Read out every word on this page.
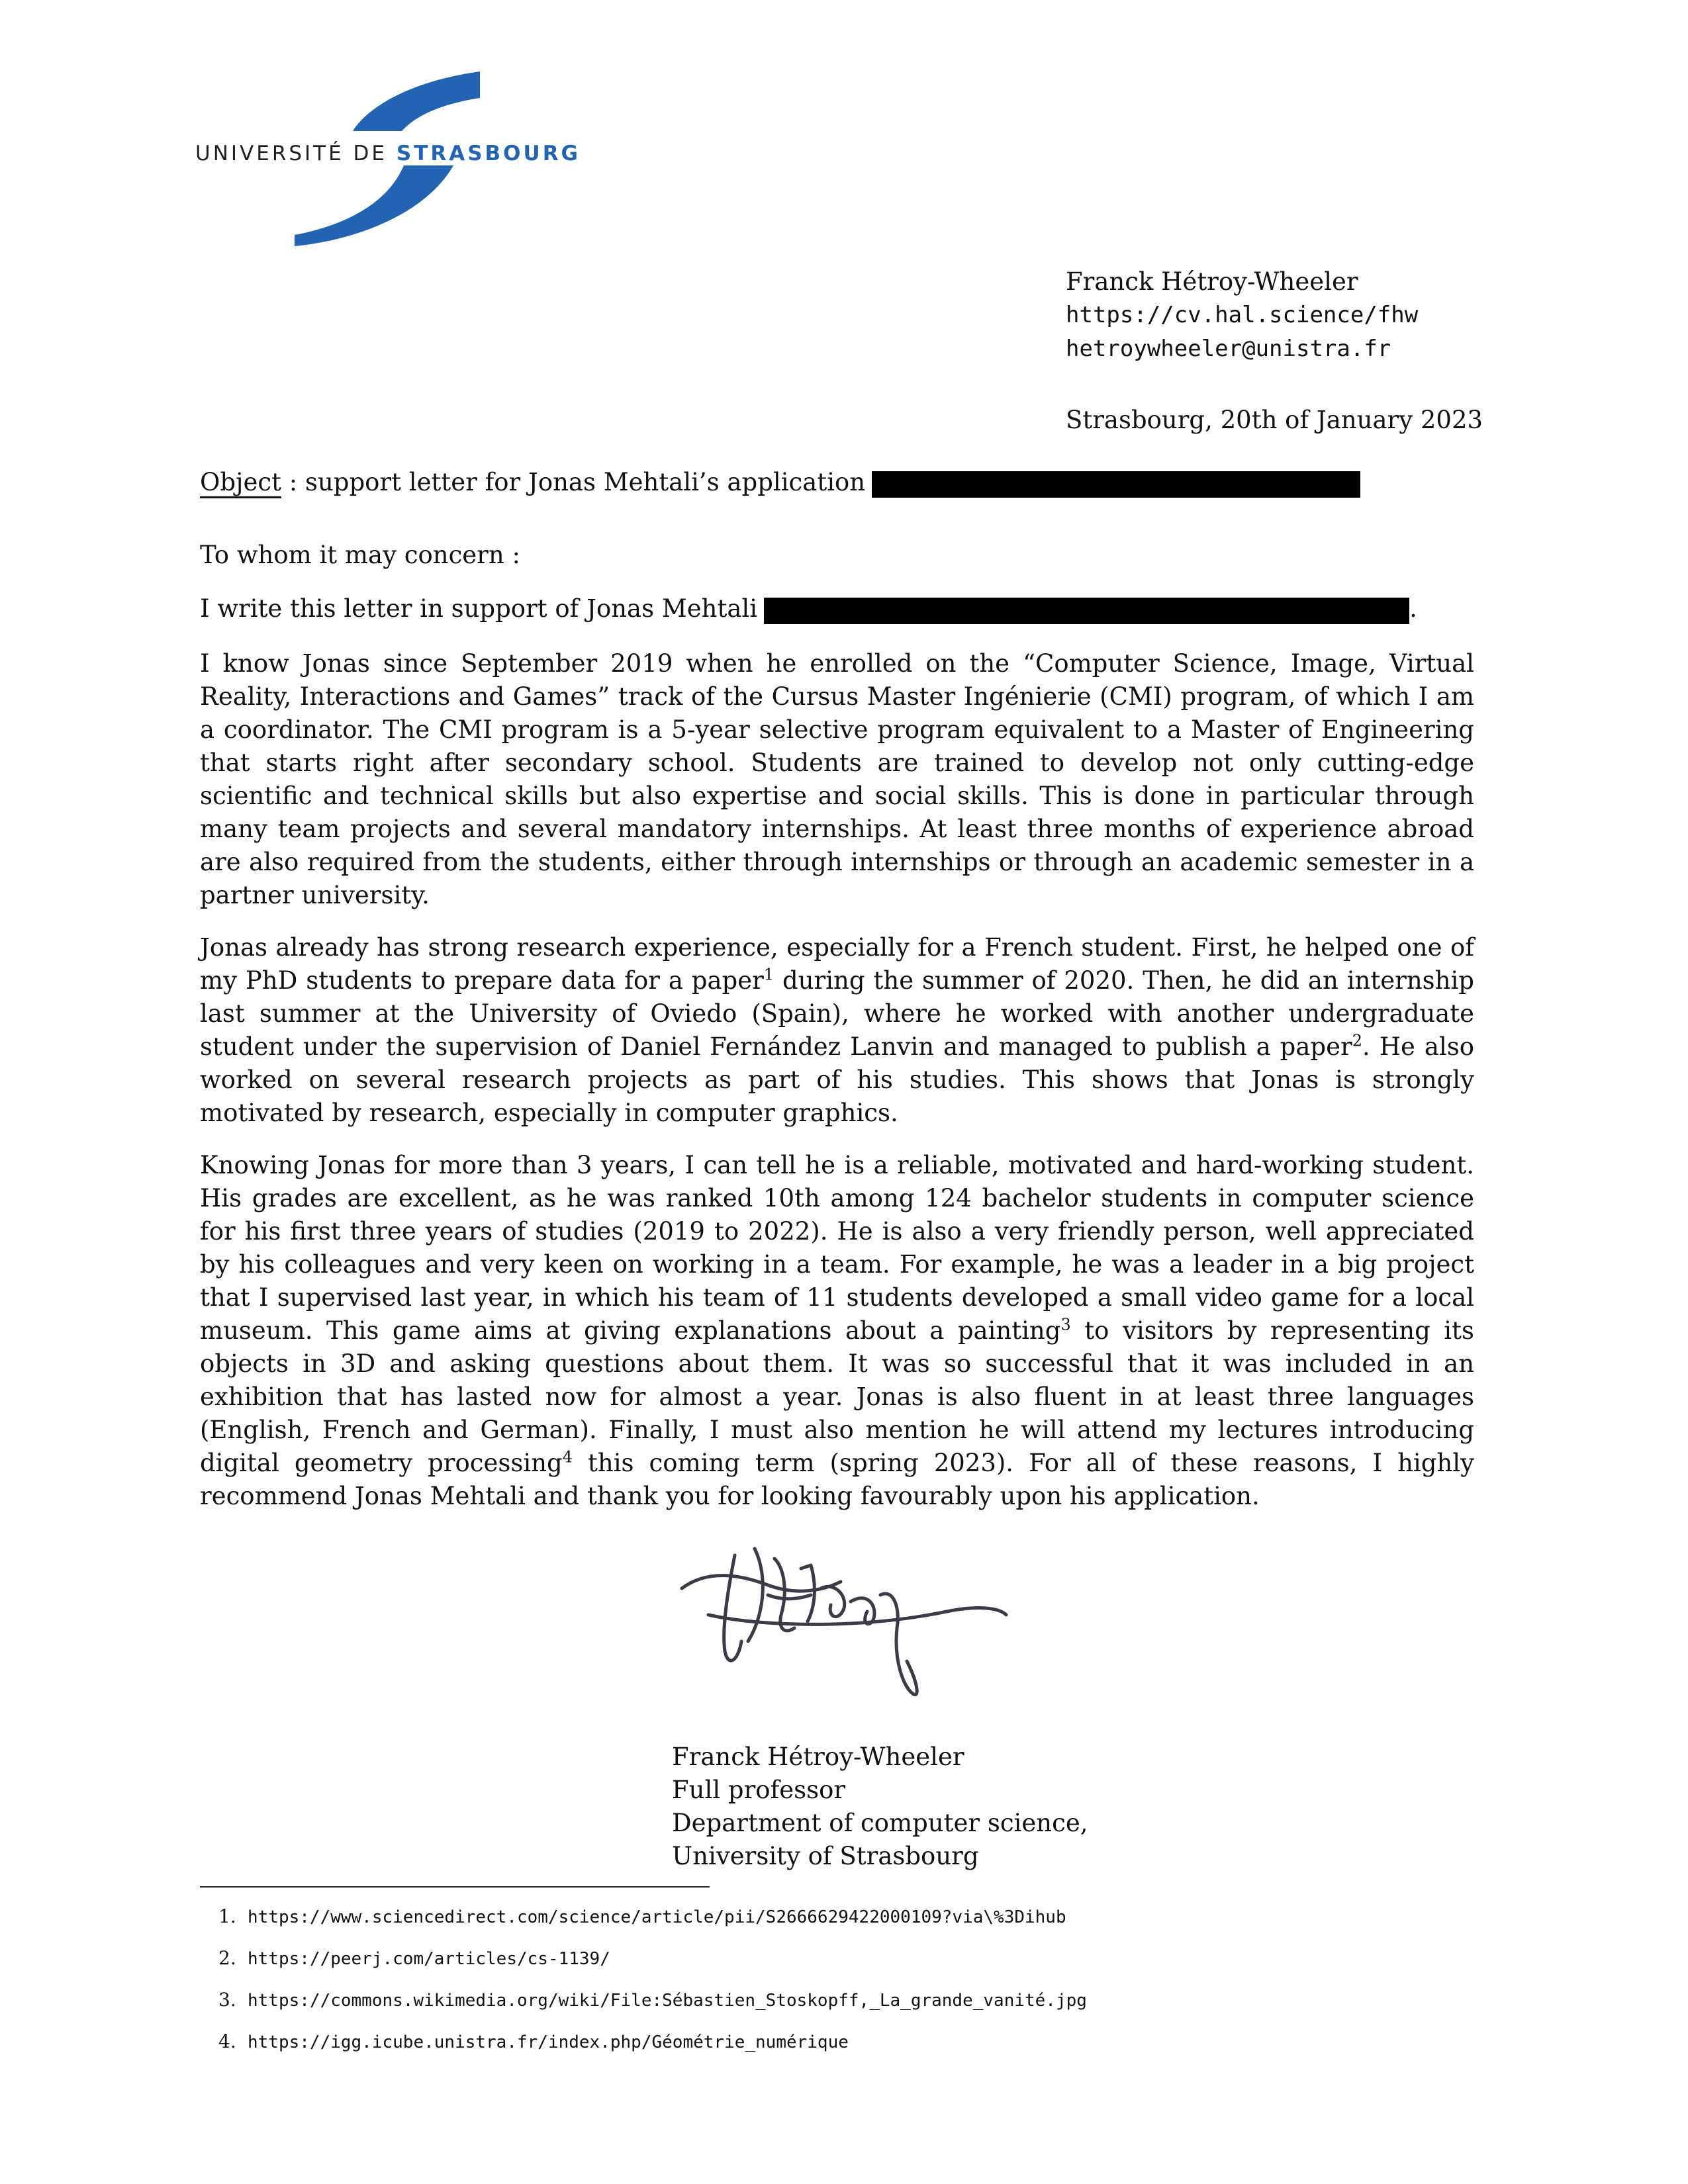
UNIVERSITÉ DE STRASBOURG
Franck Hétroy-Wheeler
https://cv.hal.science/fhw
hetroywheeler@unistra.fr
Strasbourg, 20th of January 2023
Object : support letter for Jonas Mehtali’s application
To whom it may concern :
I write this letter in support of Jonas Mehtali	.

I know Jonas since September 2019 when he enrolled on the “Computer Science, Image, Virtual Reality, Interactions and Games” track of the Cursus Master Ingénierie (CMI) program, of which I am a coordinator. The CMI program is a 5-year selective program equivalent to a Master of Engineering that starts right after secondary school. Students are trained to develop not only cutting-edge scientific and technical skills but also expertise and social skills. This is done in particular through many team projects and several mandatory internships. At least three months of experience abroad are also required from the students, either through internships or through an academic semester in a partner university.

Jonas already has strong research experience, especially for a French student. First, he helped one of my PhD students to prepare data for a paper$^1$ during the summer of 2020. Then, he did an internship last summer at the University of Oviedo (Spain), where he worked with another undergraduate student under the supervision of Daniel Fernández Lanvin and managed to publish a paper$^2$. He also worked on several research projects as part of his studies. This shows that Jonas is strongly motivated by research, especially in computer graphics.

Knowing Jonas for more than 3 years, I can tell he is a reliable, motivated and hard-working student. His grades are excellent, as he was ranked 10th among 124 bachelor students in computer science for his first three years of studies (2019 to 2022). He is also a very friendly person, well appreciated by his colleagues and very keen on working in a team. For example, he was a leader in a big project that I supervised last year, in which his team of 11 students developed a small video game for a local museum. This game aims at giving explanations about a painting$^3$ to visitors by representing its objects in 3D and asking questions about them. It was so successful that it was included in an exhibition that has lasted now for almost a year. Jonas is also fluent in at least three languages (English, French and German). Finally, I must also mention he will attend my lectures introducing digital geometry processing$^4$ this coming term (spring 2023). For all of these reasons, I highly recommend Jonas Mehtali and thank you for looking favourably upon his application.

Franck Hétroy-Wheeler
Full professor
Department of computer science,
University of Strasbourg
1. https://www.sciencedirect.com/science/article/pii/S2666629422000109?via\%3Dihub
2. https://peerj.com/articles/cs-1139/
3. https://commons.wikimedia.org/wiki/File:Sébastien_Stoskopff,_La_grande_vanité.jpg
4. https://igg.icube.unistra.fr/index.php/Géométrie_numérique
